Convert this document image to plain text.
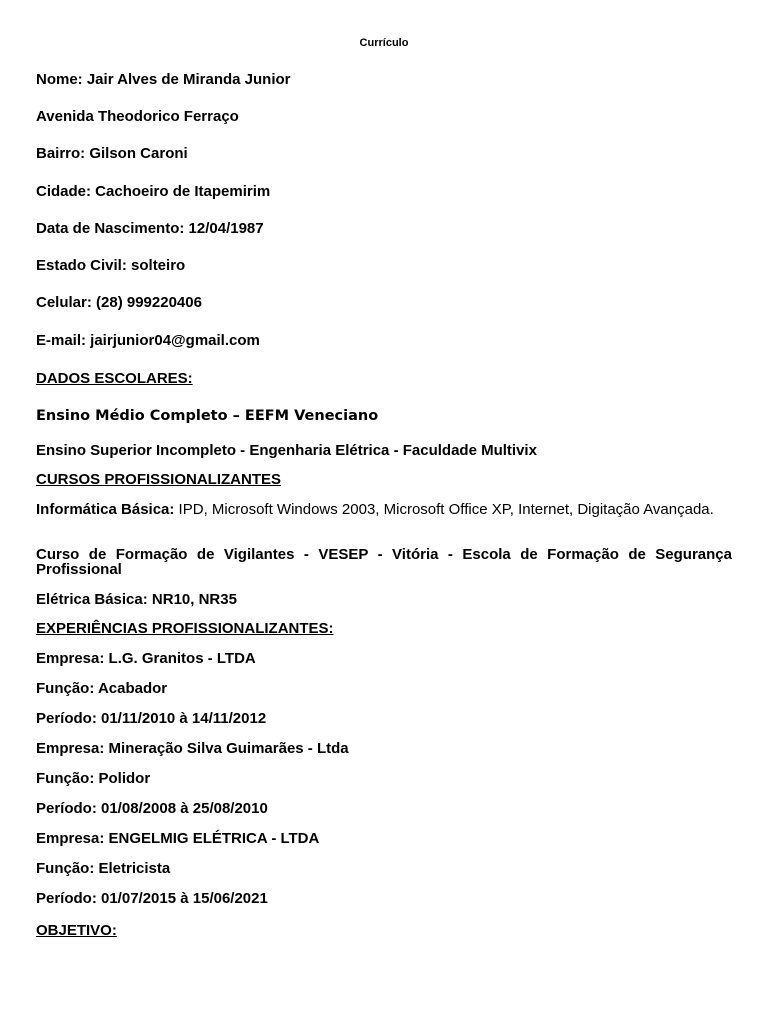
Currículo

Nome: Jair Alves de Miranda Junior

Avenida Theodorico Ferraço

Bairro: Gilson Caroni

Cidade: Cachoeiro de Itapemirim

Data de Nascimento: 12/04/1987

Estado Civil: solteiro

Celular: (28) 999220406

E-mail: jairjunior04@gmail.com

DADOS ESCOLARES:

Ensino Médio Completo – EEFM Veneciano

Ensino Superior Incompleto - Engenharia Elétrica - Faculdade Multivix

CURSOS PROFISSIONALIZANTES

Informática Básica: IPD, Microsoft Windows 2003, Microsoft Office XP, Internet, Digitação Avançada.

Curso de Formação de Vigilantes - VESEP - Vitória - Escola de Formação de Segurança Profissional

Elétrica Básica: NR10, NR35

EXPERIÊNCIAS PROFISSIONALIZANTES:

Empresa: L.G. Granitos - LTDA

Função: Acabador

Período: 01/11/2010 à 14/11/2012

Empresa: Mineração Silva Guimarães - Ltda

Função: Polidor

Período: 01/08/2008 à 25/08/2010

Empresa: ENGELMIG ELÉTRICA - LTDA

Função: Eletricista

Período: 01/07/2015 à 15/06/2021

OBJETIVO:
